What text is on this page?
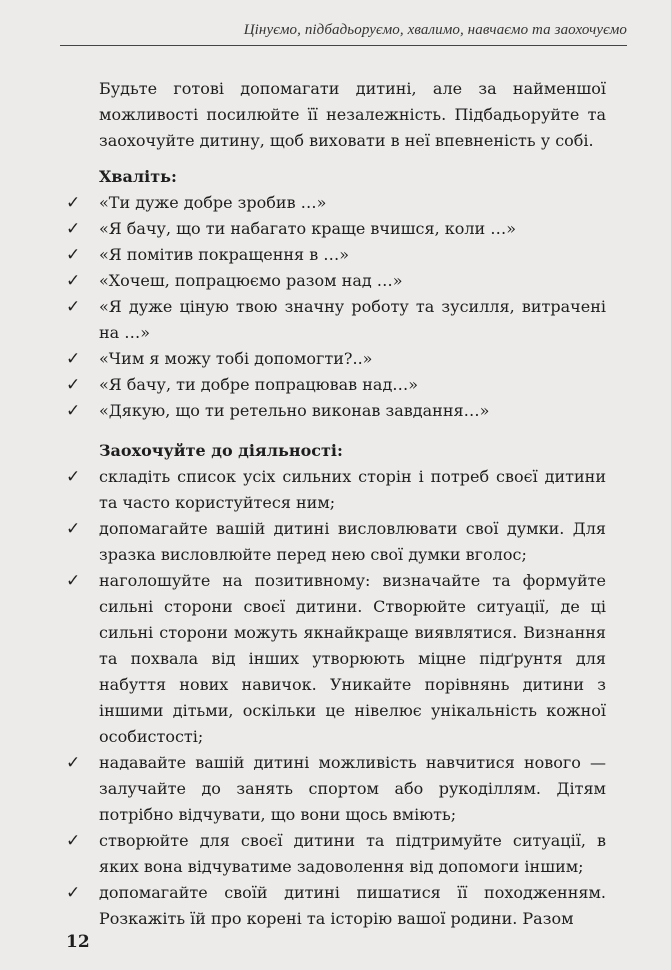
Цінуємо, підбадьоруємо, хвалимо, навчаємо та заохочуємо

Будьте готові допомагати дитині, але за найменшої можливості посилюйте її незалежність. Підбадьоруйте та заохочуйте дитину, щоб виховати в неї впевненість у собі.

Хваліть:
✓ «Ти дуже добре зробив …»
✓ «Я бачу, що ти набагато краще вчишся, коли …»
✓ «Я помітив покращення в …»
✓ «Хочеш, попрацюємо разом над …»
✓ «Я дуже ціную твою значну роботу та зусилля, витрачені на …»
✓ «Чим я можу тобі допомогти?..»
✓ «Я бачу, ти добре попрацював над…»
✓ «Дякую, що ти ретельно виконав завдання…»
Заохочуйте до діяльності:
✓ складіть список усіх сильних сторін і потреб своєї дитини та часто користуйтеся ним;
✓ допомагайте вашій дитині висловлювати свої думки. Для зразка висловлюйте перед нею свої думки вголос;
✓ наголошуйте на позитивному: визначайте та формуйте сильні сторони своєї дитини. Створюйте ситуації, де ці сильні сторони можуть якнайкраще виявлятися. Визнання та похвала від інших утворюють міцне підґрунтя для набуття нових навичок. Уникайте порівнянь дитини з іншими дітьми, оскільки це нівелює унікальність кожної особистості;
✓ надавайте вашій дитині можливість навчитися нового — залучайте до занять спортом або рукоділлям. Дітям потрібно відчувати, що вони щось вміють;
✓ створюйте для своєї дитини та підтримуйте ситуації, в яких вона відчуватиме задоволення від допомоги іншим;
✓ допомагайте своїй дитині пишатися її походженням. Розкажіть їй про корені та історію вашої родини. Разом
12
